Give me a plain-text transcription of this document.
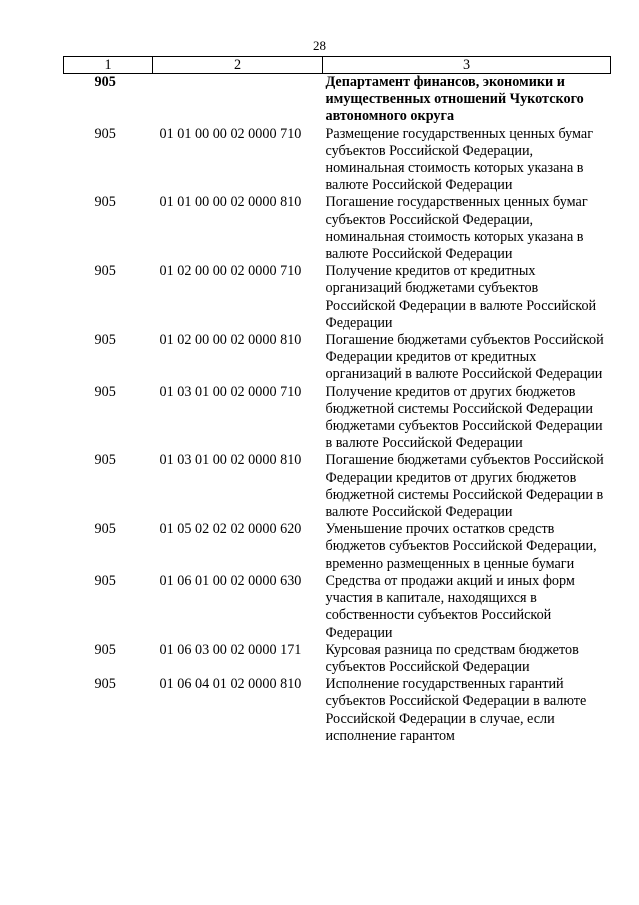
28
1	2	3
905		Департамент финансов, экономики и имущественных отношений Чукотского автономного округа
905	01 01 00 00 02 0000 710	Размещение государственных ценных бумаг субъектов Российской Федерации, номинальная стоимость которых указана в валюте Российской Федерации
905	01 01 00 00 02 0000 810	Погашение государственных ценных бумаг субъектов Российской Федерации, номинальная стоимость которых указана в валюте Российской Федерации
905	01 02 00 00 02 0000 710	Получение кредитов от кредитных организаций бюджетами субъектов Российской Федерации в валюте Российской Федерации
905	01 02 00 00 02 0000 810	Погашение бюджетами субъектов Российской Федерации кредитов от кредитных организаций в валюте Российской Федерации
905	01 03 01 00 02 0000 710	Получение кредитов от других бюджетов бюджетной системы Российской Федерации бюджетами субъектов Российской Федерации в валюте Российской Федерации
905	01 03 01 00 02 0000 810	Погашение бюджетами субъектов Российской Федерации кредитов от других бюджетов бюджетной системы Российской Федерации в валюте Российской Федерации
905	01 05 02 02 02 0000 620	Уменьшение прочих остатков средств бюджетов субъектов Российской Федерации, временно размещенных в ценные бумаги
905	01 06 01 00 02 0000 630	Средства от продажи акций и иных форм участия в капитале, находящихся в собственности субъектов Российской Федерации
905	01 06 03 00 02 0000 171	Курсовая разница по средствам бюджетов субъектов Российской Федерации
905	01 06 04 01 02 0000 810	Исполнение государственных гарантий субъектов Российской Федерации в валюте Российской Федерации в случае, если исполнение гарантом
